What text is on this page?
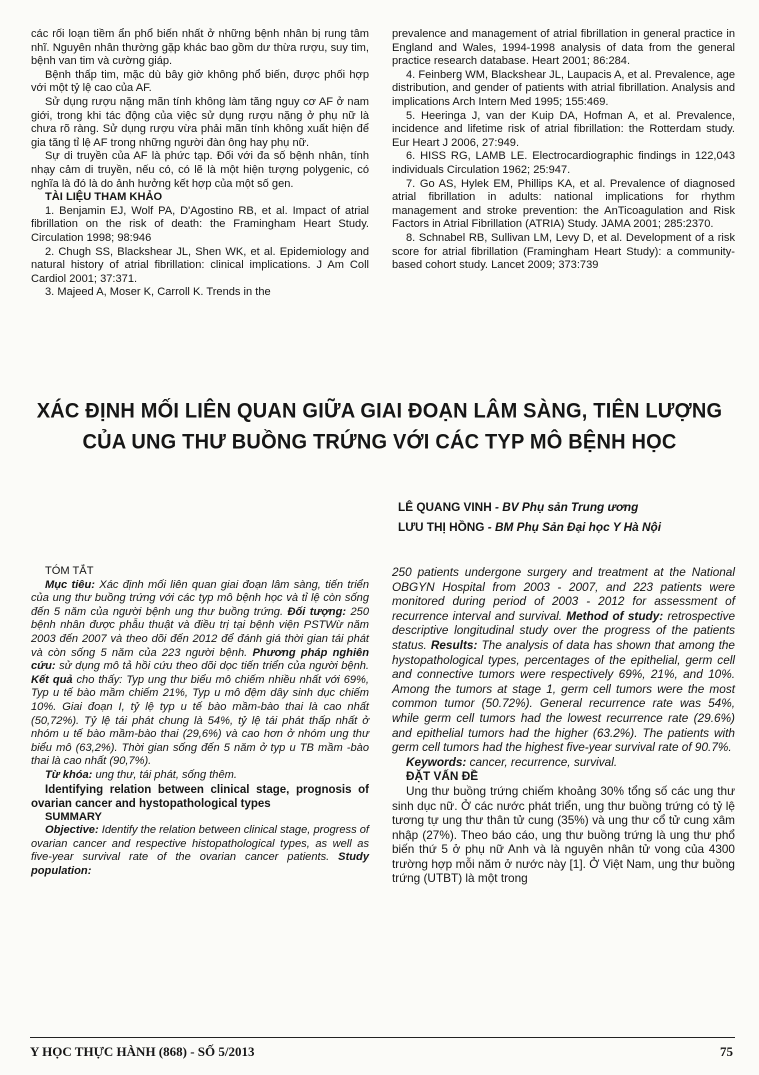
các rối loạn tiềm ẩn phổ biến nhất ở những bệnh nhân bị rung tâm nhĩ. Nguyên nhân thường gặp khác bao gồm dư thừa rượu, suy tim, bệnh van tim và cường giáp.

Bệnh thấp tim, mặc dù bây giờ không phổ biến, được phối hợp với một tỷ lệ cao của AF.

Sử dụng rượu nặng mãn tính không làm tăng nguy cơ AF ở nam giới, trong khi tác động của việc sử dụng rượu nặng ở phụ nữ là chưa rõ ràng. Sử dụng rượu vừa phải mãn tính không xuất hiện để gia tăng tỉ lệ AF trong những người đàn ông hay phụ nữ.

Sự di truyền của AF là phức tạp. Đối với đa số bệnh nhân, tính nhạy cảm di truyền, nếu có, có lẽ là một hiện tượng polygenic, có nghĩa là đó là do ảnh hưởng kết hợp của một số gen.

TÀI LIỆU THAM KHẢO

1. Benjamin EJ, Wolf PA, D'Agostino RB, et al. Impact of atrial fibrillation on the risk of death: the Framingham Heart Study. Circulation 1998; 98:946

2. Chugh SS, Blackshear JL, Shen WK, et al. Epidemiology and natural history of atrial fibrillation: clinical implications. J Am Coll Cardiol 2001; 37:371.

3. Majeed A, Moser K, Carroll K. Trends in the

prevalence and management of atrial fibrillation in general practice in England and Wales, 1994-1998 analysis of data from the general practice research database. Heart 2001; 86:284.

4. Feinberg WM, Blackshear JL, Laupacis A, et al. Prevalence, age distribution, and gender of patients with atrial fibrillation. Analysis and implications Arch Intern Med 1995; 155:469.

5. Heeringa J, van der Kuip DA, Hofman A, et al. Prevalence, incidence and lifetime risk of atrial fibrillation: the Rotterdam study. Eur Heart J 2006, 27:949.

6. HISS RG, LAMB LE. Electrocardiographic findings in 122,043 individuals Circulation 1962; 25:947.

7. Go AS, Hylek EM, Phillips KA, et al. Prevalence of diagnosed atrial fibrillation in adults: national implications for rhythm management and stroke prevention: the AnTicoagulation and Risk Factors in Atrial Fibrillation (ATRIA) Study. JAMA 2001; 285:2370.

8. Schnabel RB, Sullivan LM, Levy D, et al. Development of a risk score for atrial fibrillation (Framingham Heart Study): a community-based cohort study. Lancet 2009; 373:739

XÁC ĐỊNH MỐI LIÊN QUAN GIỮA GIAI ĐOẠN LÂM SÀNG, TIÊN LƯỢNG
CỦA UNG THƯ BUỒNG TRỨNG VỚI CÁC TYP MÔ BỆNH HỌC
LÊ QUANG VINH - BV Phụ sản Trung ương
LƯU THỊ HỒNG - BM Phụ Sản Đại học Y Hà Nội

TÓM TẮT

Mục tiêu: Xác định mối liên quan giai đoạn lâm sàng, tiến triển của ung thư buồng trứng với các typ mô bệnh học và tỉ lệ còn sống đến 5 năm của người bệnh ung thư buồng trứng. Đối tượng: 250 bệnh nhân được phẫu thuật và điều trị tại bệnh viện PSTWừ năm 2003 đến 2007 và theo dõi đến 2012 để đánh giá thời gian tái phát và còn sống 5 năm của 223 người bệnh. Phương pháp nghiên cứu: sử dụng mô tả hồi cứu theo dõi dọc tiến triển của người bệnh. Kết quả cho thấy: Typ ung thư biểu mô chiếm nhiều nhất với 69%, Typ u tế bào mầm chiếm 21%, Typ u mô đệm dây sinh dục chiếm 10%. Giai đoạn I, tỷ lệ typ u tế bào mầm-bào thai là cao nhất (50,72%). Tỷ lệ tái phát chung là 54%, tỷ lệ tái phát thấp nhất ở nhóm u tế bào mầm-bào thai (29,6%) và cao hơn ở nhóm ung thư biểu mô (63,2%). Thời gian sống đến 5 năm ở typ u TB mầm -bào thai là cao nhất (90,7%).

Từ khóa: ung thư, tái phát, sống thêm.

Identifying relation between clinical stage, prognosis of ovarian cancer and hystopathological types

SUMMARY

Objective: Identify the relation between clinical stage, progress of ovarian cancer and respective histopathological types, as well as five-year survival rate of the ovarian cancer patients. Study population:

250 patients undergone surgery and treatment at the National OBGYN Hospital from 2003 - 2007, and 223 patients were monitored during period of 2003 - 2012 for assessment of recurrence interval and survival. Method of study: retrospective descriptive longitudinal study over the progress of the patients status. Results: The analysis of data has shown that among the hystopathological types, percentages of the epithelial, germ cell and connective tumors were respectively 69%, 21%, and 10%. Among the tumors at stage 1, germ cell tumors were the most common tumor (50.72%). General recurrence rate was 54%, while germ cell tumors had the lowest recurrence rate (29.6%) and epithelial tumors had the higher (63.2%). The patients with germ cell tumors had the highest five-year survival rate of 90.7%.

Keywords: cancer, recurrence, survival.

ĐẶT VẤN ĐỀ

Ung thư buồng trứng chiếm khoảng 30% tổng số các ung thư sinh dục nữ. Ở các nước phát triển, ung thư buồng trứng có tỷ lệ tương tự ung thư thân tử cung (35%) và ung thư cổ tử cung xâm nhập (27%). Theo báo cáo, ung thư buồng trứng là ung thư phổ biến thứ 5 ở phụ nữ Anh và là nguyên nhân tử vong của 4300 trường hợp mỗi năm ở nước này [1]. Ở Việt Nam, ung thư buồng trứng (UTBT) là một trong

Y HỌC THỰC HÀNH (868) - SỐ 5/2013	75
